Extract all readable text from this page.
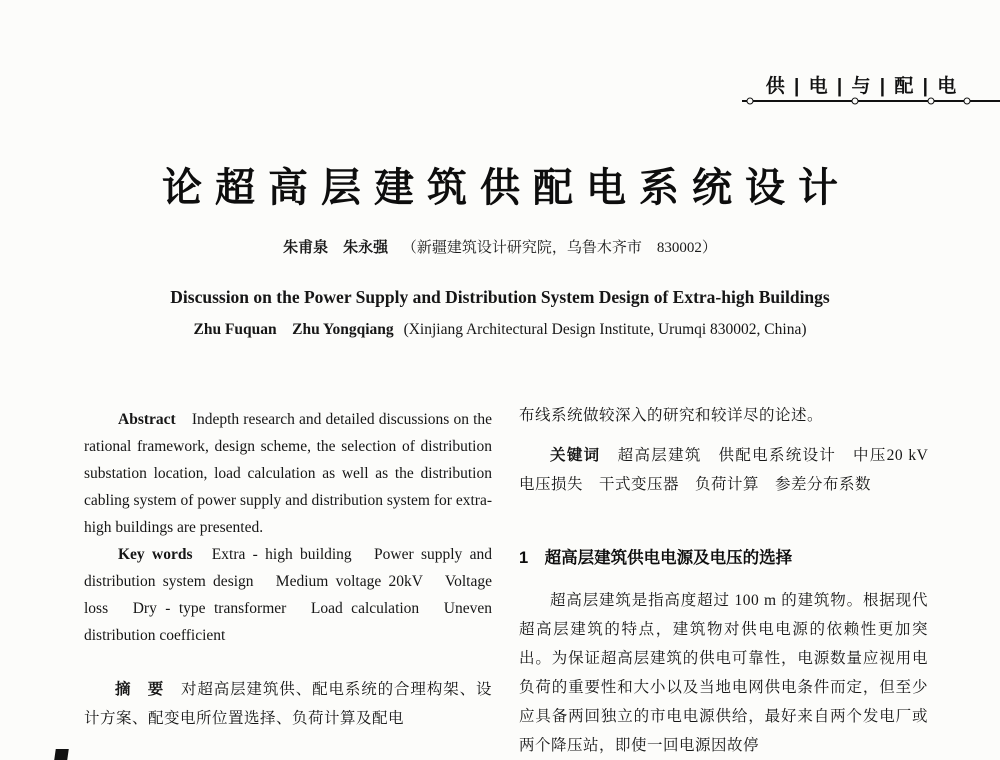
供 | 电 | 与 | 配 | 电
论超高层建筑供配电系统设计
朱甫泉　朱永强 （新疆建筑设计研究院，乌鲁木齐市　830002）
Discussion on the Power Supply and Distribution System Design of Extra-high Buildings
Zhu Fuquan　Zhu Yongqiang (Xinjiang Architectural Design Institute, Urumqi 830002, China)

Abstract Indepth research and detailed discussions on the rational framework, design scheme, the selection of distribution substation location, load calculation as well as the distribution cabling system of power supply and distribution system for extra-high buildings are presented.

Key words Extra - high building　Power supply and distribution system design　Medium voltage 20kV　Voltage loss　Dry - type transformer　Load calculation　Uneven distribution coefficient

摘　要 对超高层建筑供、配电系统的合理构架、设计方案、配变电所位置选择、负荷计算及配电

布线系统做较深入的研究和较详尽的论述。

关键词 超高层建筑　供配电系统设计　中压20 kV　电压损失　干式变压器　负荷计算　参差分布系数

1　超高层建筑供电电源及电压的选择

超高层建筑是指高度超过 100 m 的建筑物。根据现代超高层建筑的特点，建筑物对供电电源的依赖性更加突出。为保证超高层建筑的供电可靠性，电源数量应视用电负荷的重要性和大小以及当地电网供电条件而定，但至少应具备两回独立的市电电源供给，最好来自两个发电厂或两个降压站，即使一回电源因故停
